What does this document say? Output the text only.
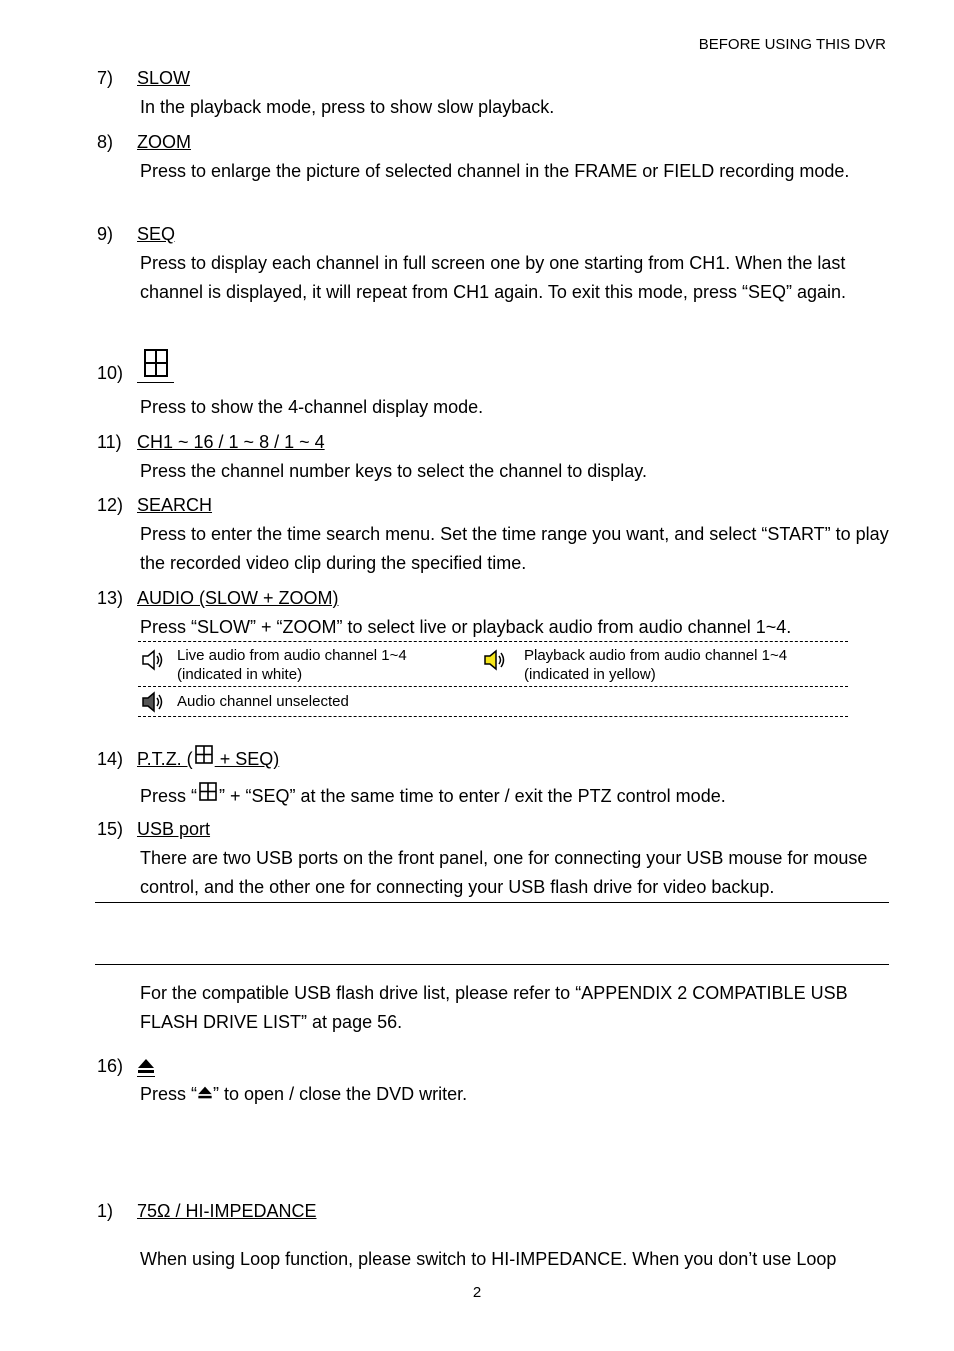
BEFORE USING THIS DVR
7) SLOW
In the playback mode, press to show slow playback.
8) ZOOM
Press to enlarge the picture of selected channel in the FRAME or FIELD recording mode.
9) SEQ
Press to display each channel in full screen one by one starting from CH1. When the last channel is displayed, it will repeat from CH1 again. To exit this mode, press “SEQ” again.
10)
Press to show the 4-channel display mode.
11) CH1 ~ 16 / 1 ~ 8 / 1 ~ 4
Press the channel number keys to select the channel to display.
12) SEARCH
Press to enter the time search menu. Set the time range you want, and select “START” to play the recorded video clip during the specified time.
13) AUDIO (SLOW + ZOOM)
Press “SLOW” + “ZOOM” to select live or playback audio from audio channel 1~4.
Live audio from audio channel 1~4
(indicated in white)
Playback audio from audio channel 1~4
(indicated in yellow)
Audio channel unselected
14) P.T.Z. ( + SEQ)
Press “ ” + “SEQ” at the same time to enter / exit the PTZ control mode.
15) USB port
There are two USB ports on the front panel, one for connecting your USB mouse for mouse control, and the other one for connecting your USB flash drive for video backup.
For the compatible USB flash drive list, please refer to “APPENDIX 2 COMPATIBLE USB FLASH DRIVE LIST” at page 56.
16)
Press “ ” to open / close the DVD writer.
1) 75Ω / HI-IMPEDANCE
When using Loop function, please switch to HI-IMPEDANCE. When you don’t use Loop
2
